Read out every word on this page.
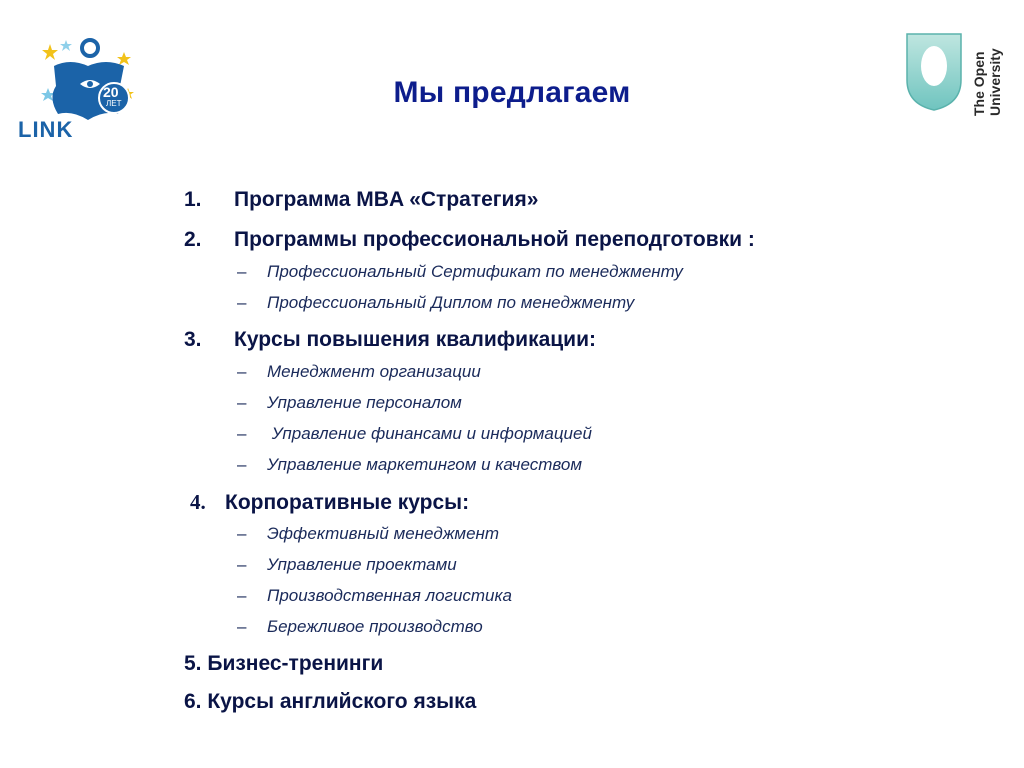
20
ЛЕТ
LINK
Мы предлагаем	The Open University
1. Программа MBA «Стратегия»
2. Программы профессиональной переподготовки :
– Профессиональный Сертификат по менеджменту
– Профессиональный Диплом по менеджменту
3. Курсы повышения квалификации:
– Менеджмент организации
– Управление персоналом
– Управление финансами и информацией
– Управление маркетингом и качеством
4. Корпоративные курсы:
– Эффективный менеджмент
– Управление проектами
– Производственная логистика
– Бережливое производство
5. Бизнес-тренинги
6. Курсы английского языка
